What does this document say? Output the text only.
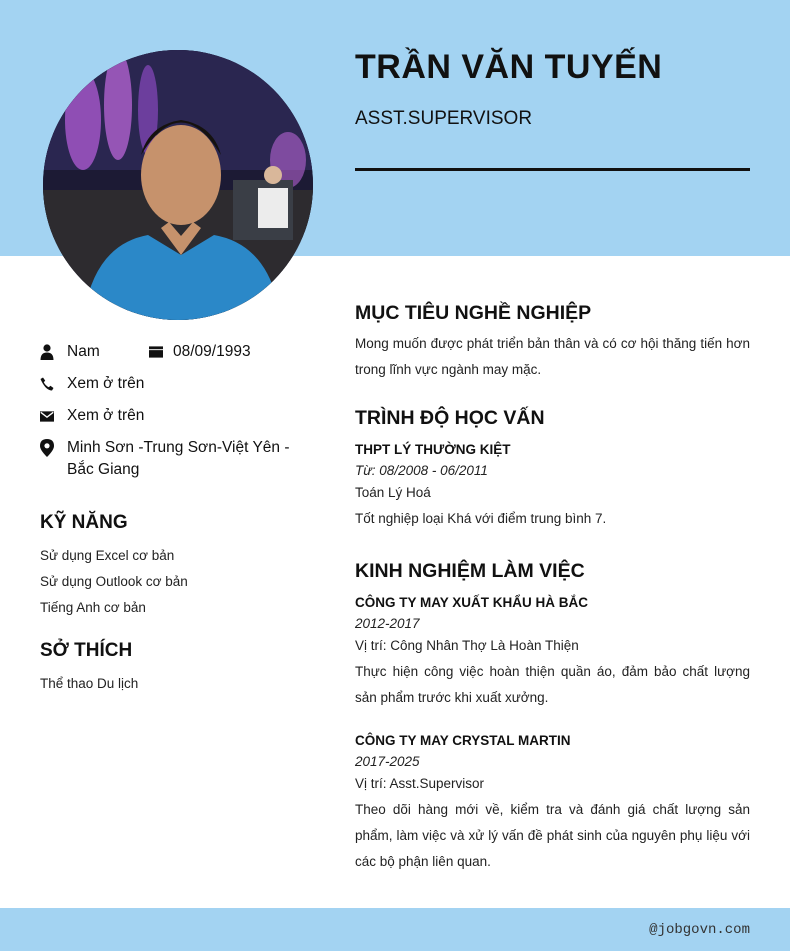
TRẦN VĂN TUYẾN
ASST.SUPERVISOR
Nam	08/09/1993
Xem ở trên
Xem ở trên
Minh Sơn -Trung Sơn-Việt Yên -
Bắc Giang
KỸ NĂNG
Sử dụng Excel cơ bản
Sử dụng Outlook cơ bản
Tiếng Anh cơ bản
SỞ THÍCH
Thể thao Du lịch
MỤC TIÊU NGHỀ NGHIỆP
Mong muốn được phát triển bản thân và có cơ hội thăng tiến hơn trong lĩnh vực ngành may mặc.
TRÌNH ĐỘ HỌC VẤN
THPT LÝ THƯỜNG KIỆT
Từ: 08/2008 - 06/2011
Toán Lý Hoá
Tốt nghiệp loại Khá với điểm trung bình 7.
KINH NGHIỆM LÀM VIỆC
CÔNG TY MAY XUẤT KHẨU HÀ BẮC
2012-2017
Vị trí: Công Nhân Thợ Là Hoàn Thiện
Thực hiện công việc hoàn thiện quần áo, đảm bảo chất lượng sản phẩm trước khi xuất xưởng.
CÔNG TY MAY CRYSTAL MARTIN
2017-2025
Vị trí: Asst.Supervisor
Theo dõi hàng mới về, kiểm tra và đánh giá chất lượng sản phẩm, làm việc và xử lý vấn đề phát sinh của nguyên phụ liệu với các bộ phận liên quan.
@jobgovn.com
